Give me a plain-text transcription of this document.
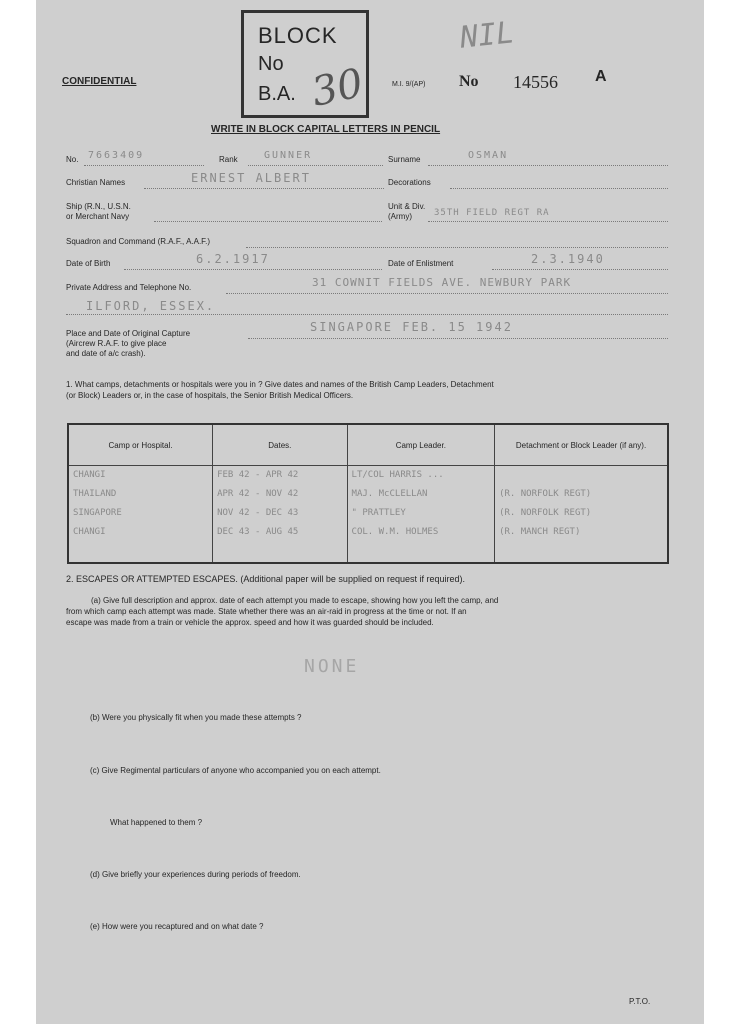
CONFIDENTIAL
BLOCK
No
B.A. 30
NIL
M.I. 9/(AP) No 14556 A
WRITE IN BLOCK CAPITAL LETTERS IN PENCIL
No. 7663409	Rank	GUNNER	Surname	OSMAN
Christian Names	ERNEST ALBERT	Decorations
Ship (R.N., U.S.N.
or Merchant Navy
Unit & Div.
(Army) 35TH FIELD REGT RA
Squadron and Command (R.A.F., A.A.F.)
Date of Birth	6.2.1917	Date of Enlistment	2.3.1940
Private Address and Telephone No.	31 COWNIT FIELDS AVE. NEWBURY PARK
ILFORD, ESSEX.
Place and Date of Original Capture
(Aircrew R.A.F. to give place
and date of a/c crash).
SINGAPORE FEB. 15 1942
1. What camps, detachments or hospitals were you in ? Give dates and names of the British Camp Leaders, Detachment
(or Block) Leaders or, in the case of hospitals, the Senior British Medical Officers.
Camp or Hospital.	Dates.	Camp Leader.	Detachment or Block Leader (if any).
CHANGI	FEB 42 - APR 42	LT/COL HARRIS ...	
THAILAND	APR 42 - NOV 42	MAJ. McCLELLAN	(R. NORFOLK REGT)
SINGAPORE	NOV 42 - DEC 43	" PRATTLEY	(R. NORFOLK REGT)
CHANGI	DEC 43 - AUG 45	COL. W.M. HOLMES	(R. MANCH REGT)
2. ESCAPES OR ATTEMPTED ESCAPES. (Additional paper will be supplied on request if required).
(a) Give full description and approx. date of each attempt you made to escape, showing how you left the camp, and
from which camp each attempt was made. State whether there was an air-raid in progress at the time or not. If an
escape was made from a train or vehicle the approx. speed and how it was guarded should be included.
NONE
(b) Were you physically fit when you made these attempts ?
(c) Give Regimental particulars of anyone who accompanied you on each attempt.
What happened to them ?
(d) Give briefly your experiences during periods of freedom.
(e) How were you recaptured and on what date ?
P.T.O.
